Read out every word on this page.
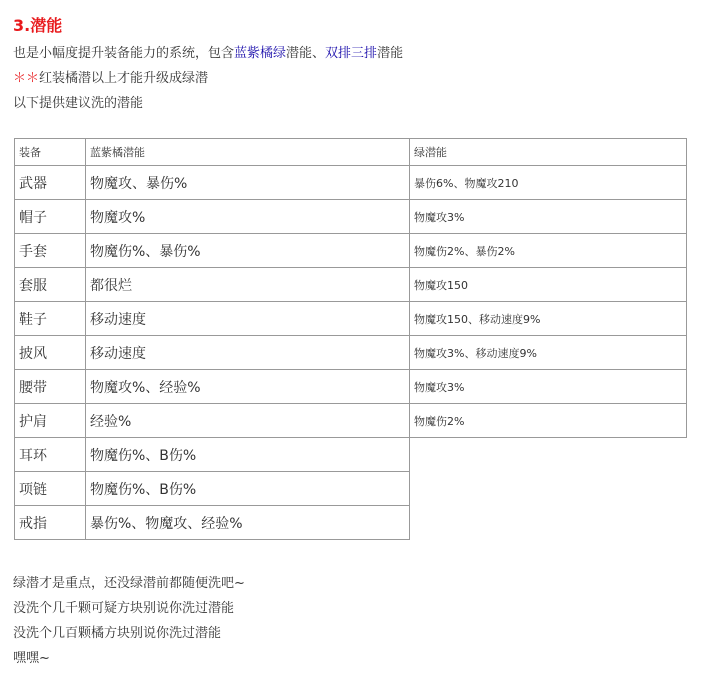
3.潜能
也是小幅度提升装备能力的系统，包含蓝紫橘绿潜能、双排三排潜能
＊＊红装橘潜以上才能升级成绿潜
以下提供建议洗的潜能
装备	蓝紫橘潜能	绿潜能
武器	物魔攻、暴伤%	暴伤6%、物魔攻210
帽子	物魔攻%	物魔攻3%
手套	物魔伤%、暴伤%	物魔伤2%、暴伤2%
套服	都很烂	物魔攻150
鞋子	移动速度	物魔攻150、移动速度9%
披风	移动速度	物魔攻3%、移动速度9%
腰带	物魔攻%、经验%	物魔攻3%
护肩	经验%	物魔伤2%
耳环	物魔伤%、B伤%	
项链	物魔伤%、B伤%	
戒指	暴伤%、物魔攻、经验%	
绿潜才是重点，还没绿潜前都随便洗吧~
没洗个几千颗可疑方块别说你洗过潜能
没洗个几百颗橘方块别说你洗过潜能
嘿嘿~
